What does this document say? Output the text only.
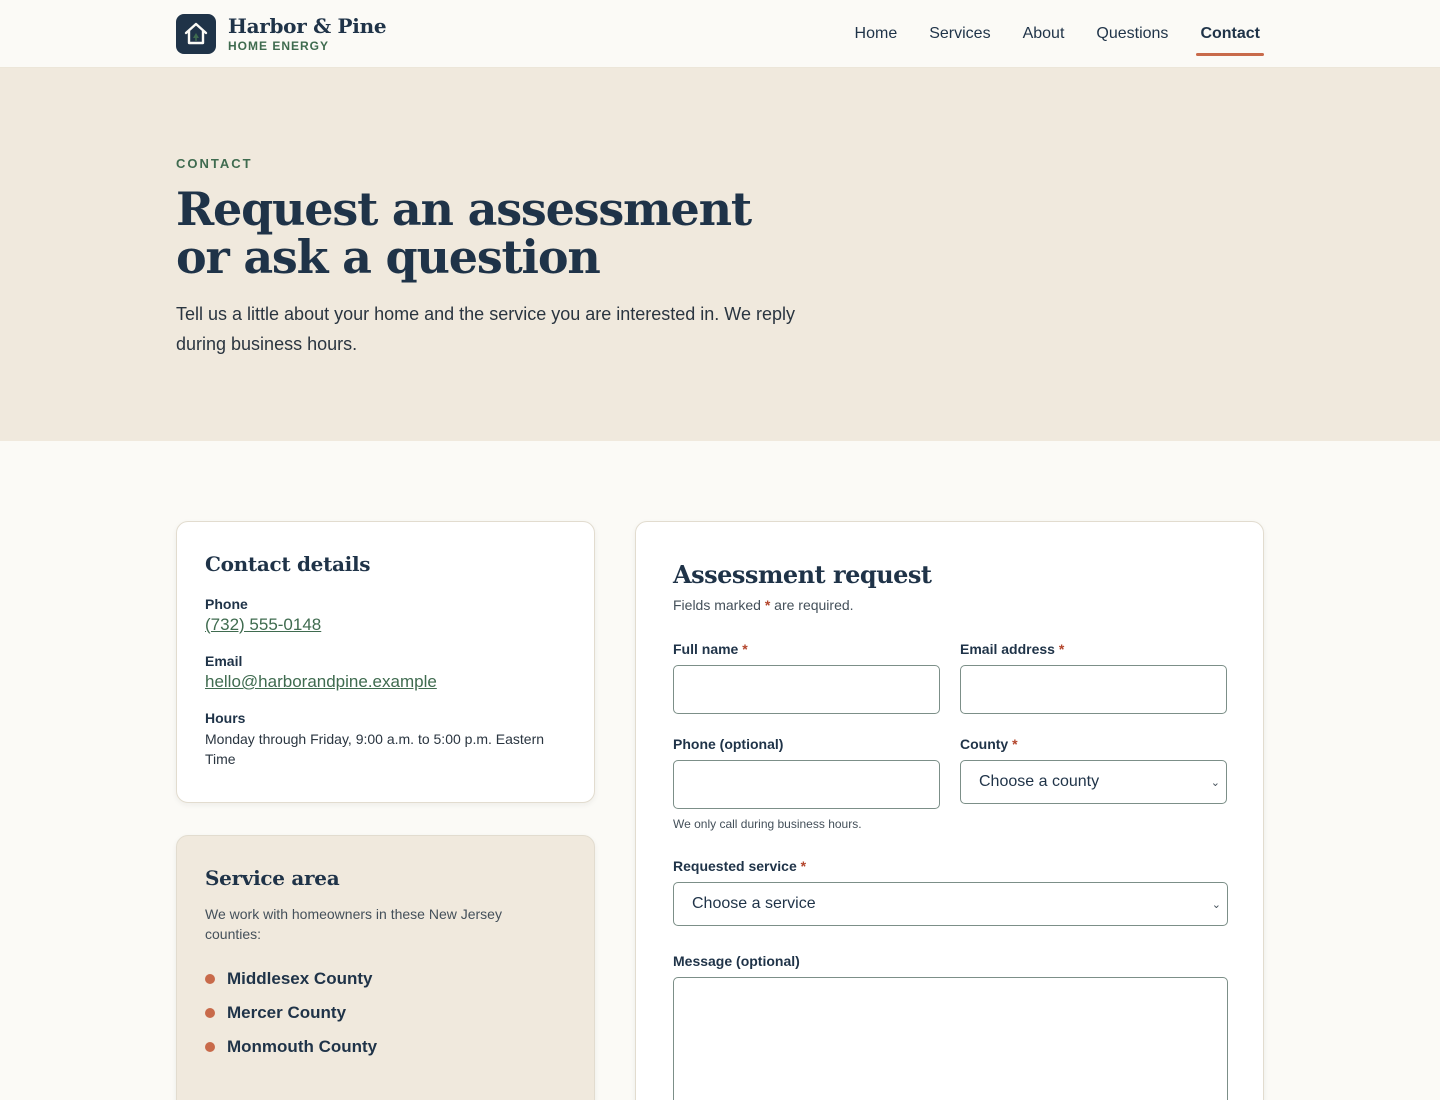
Harbor & Pine
HOME ENERGY
Home	Services	About	Questions	Contact
CONTACT
Request an assessment
or ask a question

Tell us a little about your home and the service you are interested in. We reply during business hours.

Contact details
Phone
(732) 555-0148
Email
hello@harborandpine.example
Hours
Monday through Friday, 9:00 a.m. to 5:00 p.m. Eastern Time
Service area

We work with homeowners in these New Jersey counties:

Middlesex County
Mercer County
Monmouth County
Assessment request

Fields marked * are required.

Full name *	Email address *
Phone (optional)
We only call during business hours.
County *
Choose a county	⌄
Requested service *
Choose a service	⌄
Message (optional)
